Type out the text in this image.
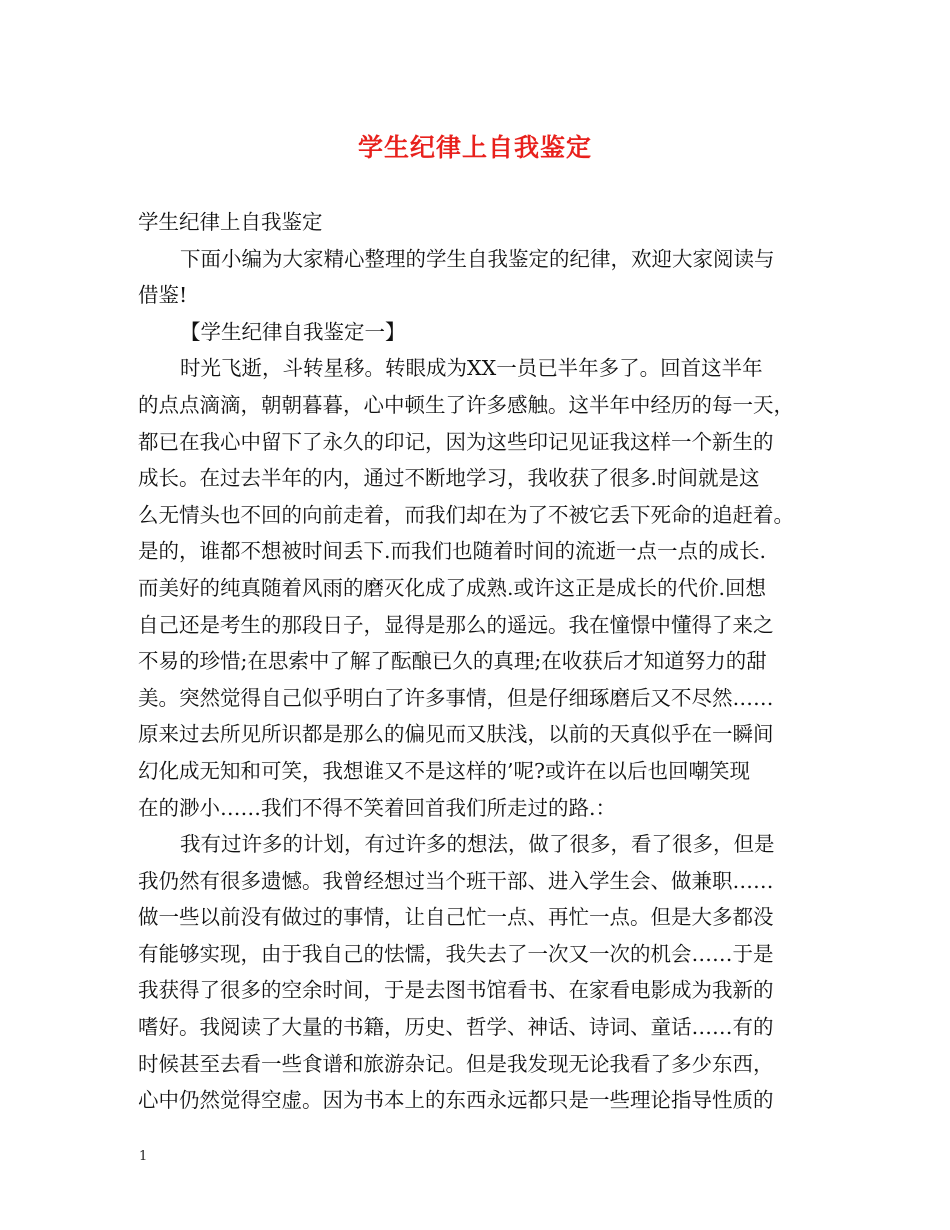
学生纪律上自我鉴定

学生纪律上自我鉴定

下面小编为大家精心整理的学生自我鉴定的纪律，欢迎大家阅读与
借鉴!

【学生纪律自我鉴定一】

时光飞逝，斗转星移。转眼成为XX一员已半年多了。回首这半年
的点点滴滴，朝朝暮暮，心中顿生了许多感触。这半年中经历的每一天，
都已在我心中留下了永久的印记，因为这些印记见证我这样一个新生的
成长。在过去半年的内，通过不断地学习，我收获了很多.时间就是这
么无情头也不回的向前走着，而我们却在为了不被它丢下死命的追赶着。
是的，谁都不想被时间丢下.而我们也随着时间的流逝一点一点的成长.
而美好的纯真随着风雨的磨灭化成了成熟.或许这正是成长的代价.回想
自己还是考生的那段日子，显得是那么的遥远。我在憧憬中懂得了来之
不易的珍惜;在思索中了解了酝酿已久的真理;在收获后才知道努力的甜
美。突然觉得自己似乎明白了许多事情，但是仔细琢磨后又不尽然……
原来过去所见所识都是那么的偏见而又肤浅，以前的天真似乎在一瞬间
幻化成无知和可笑，我想谁又不是这样的’呢?或许在以后也回嘲笑现
在的渺小……我们不得不笑着回首我们所走过的路.：

我有过许多的计划，有过许多的想法，做了很多，看了很多，但是
我仍然有很多遗憾。我曾经想过当个班干部、进入学生会、做兼职……
做一些以前没有做过的事情，让自己忙一点、再忙一点。但是大多都没
有能够实现，由于我自己的怯懦，我失去了一次又一次的机会……于是
我获得了很多的空余时间，于是去图书馆看书、在家看电影成为我新的
嗜好。我阅读了大量的书籍，历史、哲学、神话、诗词、童话……有的
时候甚至去看一些食谱和旅游杂记。但是我发现无论我看了多少东西，
心中仍然觉得空虚。因为书本上的东西永远都只是一些理论指导性质的

1
